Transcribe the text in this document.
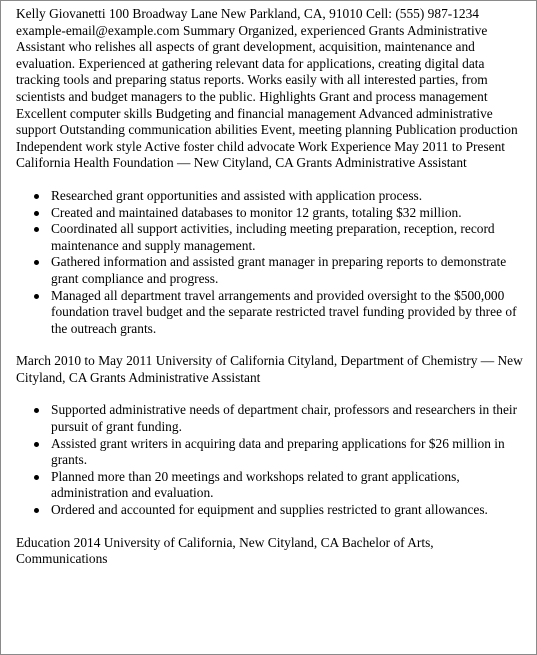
Kelly Giovanetti 100 Broadway Lane New Parkland, CA, 91010 Cell: (555) 987-1234 example-email@example.com Summary Organized, experienced Grants Administrative Assistant who relishes all aspects of grant development, acquisition, maintenance and evaluation. Experienced at gathering relevant data for applications, creating digital data tracking tools and preparing status reports. Works easily with all interested parties, from scientists and budget managers to the public. Highlights Grant and process management Excellent computer skills Budgeting and financial management Advanced administrative support Outstanding communication abilities Event, meeting planning Publication production Independent work style Active foster child advocate Work Experience May 2011 to Present California Health Foundation — New Cityland, CA Grants Administrative Assistant

Researched grant opportunities and assisted with application process.
Created and maintained databases to monitor 12 grants, totaling $32 million.
Coordinated all support activities, including meeting preparation, reception, record maintenance and supply management.
Gathered information and assisted grant manager in preparing reports to demonstrate grant compliance and progress.
Managed all department travel arrangements and provided oversight to the $500,000 foundation travel budget and the separate restricted travel funding provided by three of the outreach grants.

March 2010 to May 2011 University of California Cityland, Department of Chemistry — New Cityland, CA Grants Administrative Assistant

Supported administrative needs of department chair, professors and researchers in their pursuit of grant funding.
Assisted grant writers in acquiring data and preparing applications for $26 million in grants.
Planned more than 20 meetings and workshops related to grant applications, administration and evaluation.
Ordered and accounted for equipment and supplies restricted to grant allowances.

Education 2014 University of California, New Cityland, CA Bachelor of Arts, Communications
